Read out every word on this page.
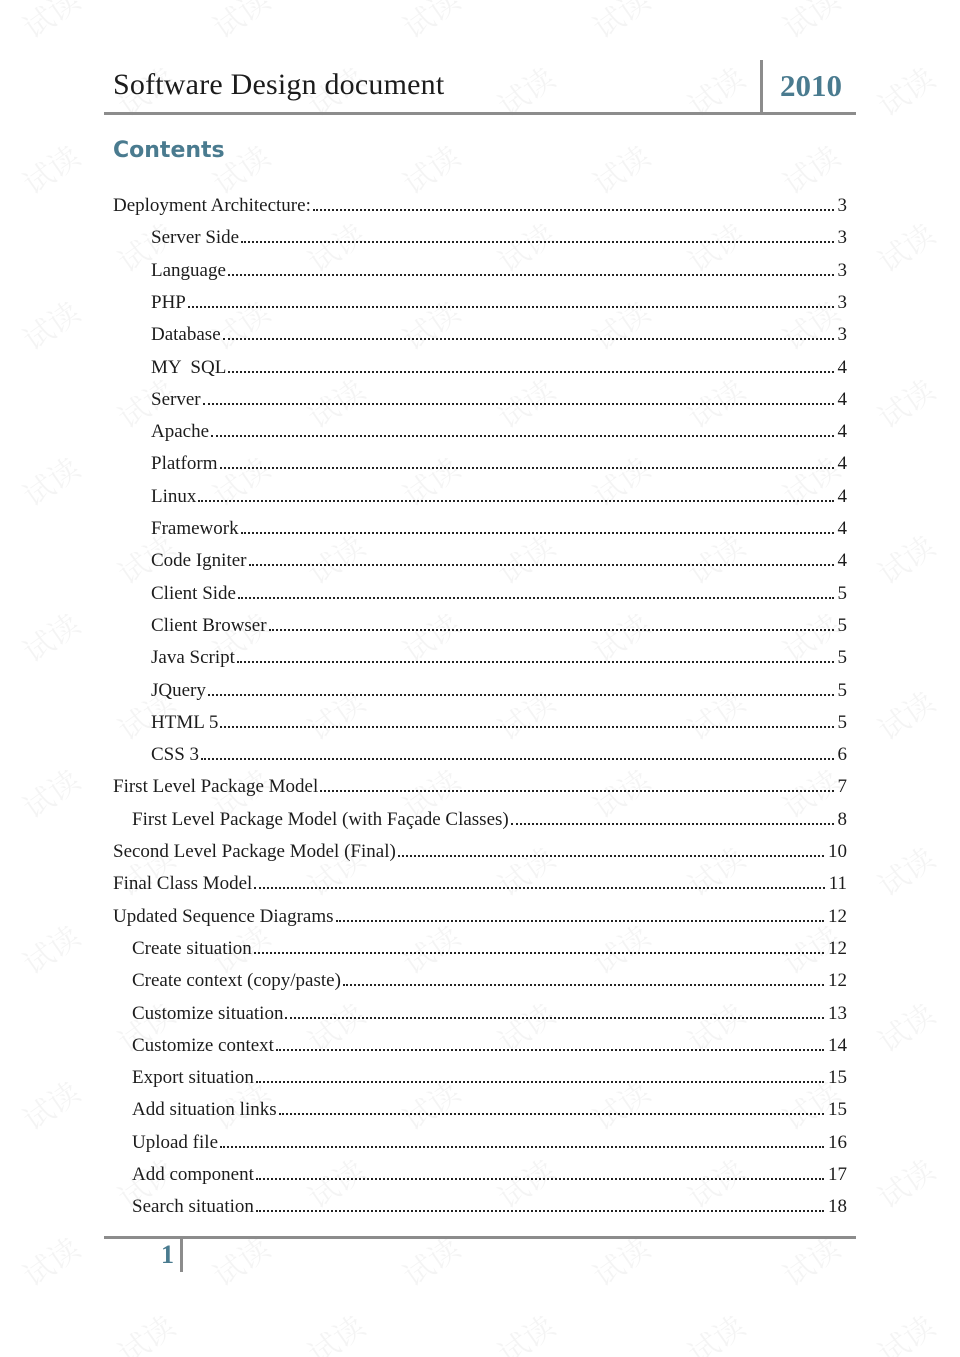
Software Design document	2010
Contents
Deployment Architecture:	3
Server Side	3
Language	3
PHP	3
Database	3
MY  SQL	4
Server	4
Apache	4
Platform	4
Linux	4
Framework	4
Code Igniter	4
Client Side	5
Client Browser	5
Java Script	5
JQuery	5
HTML 5	5
CSS 3	6
First Level Package Model	7
First Level Package Model (with Façade Classes)	8
Second Level Package Model (Final)	10
Final Class Model	11
Updated Sequence Diagrams	12
Create situation	12
Create context (copy/paste)	12
Customize situation	13
Customize context	14
Export situation	15
Add situation links	15
Upload file	16
Add component	17
Search situation	18
1
